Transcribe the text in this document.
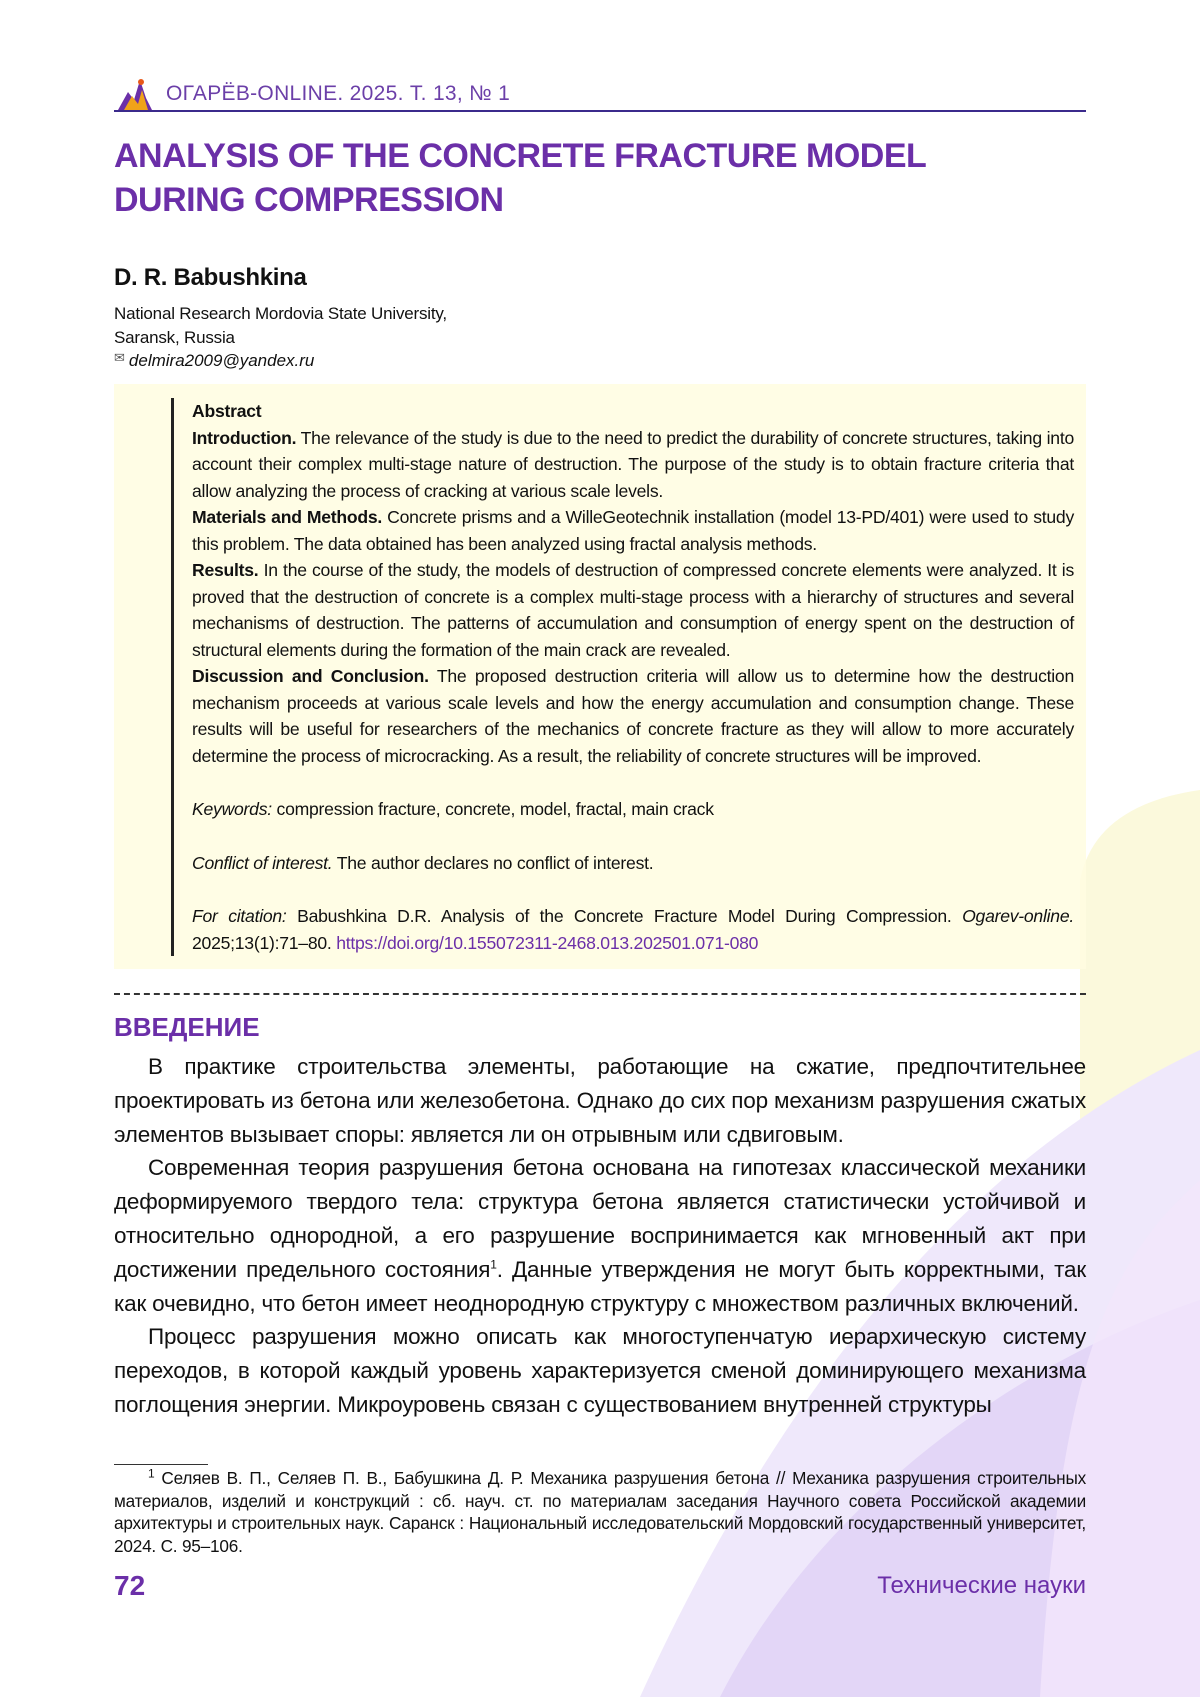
ОГАРЁВ-ONLINE. 2025. Т. 13, № 1
ANALYSIS OF THE CONCRETE FRACTURE MODEL
DURING COMPRESSION
D. R. Babushkina
National Research Mordovia State University,
Saransk, Russia
✉ delmira2009@yandex.ru

Abstract

Introduction. The relevance of the study is due to the need to predict the durability of concrete structures, taking into account their complex multi-stage nature of destruction. The purpose of the study is to obtain fracture criteria that allow analyzing the process of cracking at various scale levels.

Materials and Methods. Concrete prisms and a WilleGeotechnik installation (model 13-PD/401) were used to study this problem. The data obtained has been analyzed using fractal analysis methods.

Results. In the course of the study, the models of destruction of compressed concrete elements were analyzed. It is proved that the destruction of concrete is a complex multi-stage process with a hierarchy of structures and several mechanisms of destruction. The patterns of accumulation and consumption of energy spent on the destruction of structural elements during the formation of the main crack are revealed.

Discussion and Conclusion. The proposed destruction criteria will allow us to determine how the destruction mechanism proceeds at various scale levels and how the energy accumulation and consumption change. These results will be useful for researchers of the mechanics of concrete fracture as they will allow to more accurately determine the process of microcracking. As a result, the reliability of concrete structures will be improved.

Keywords: compression fracture, concrete, model, fractal, main crack

Conflict of interest. The author declares no conflict of interest.

For citation: Babushkina D.R. Analysis of the Concrete Fracture Model During Compression. Ogarev-online. 2025;13(1):71–80. https://doi.org/10.155072311-2468.013.202501.071-080

ВВЕДЕНИЕ

В практике строительства элементы, работающие на сжатие, предпочтительнее проектировать из бетона или железобетона. Однако до сих пор механизм разрушения сжатых элементов вызывает споры: является ли он отрывным или сдвиговым.

Современная теория разрушения бетона основана на гипотезах классической механики деформируемого твердого тела: структура бетона является статистически устойчивой и относительно однородной, а его разрушение воспринимается как мгновенный акт при достижении предельного состояния1. Данные утверждения не могут быть корректными, так как очевидно, что бетон имеет неоднородную структуру с множеством различных включений.

Процесс разрушения можно описать как многоступенчатую иерархическую систему переходов, в которой каждый уровень характеризуется сменой доминирующего механизма поглощения энергии. Микроуровень связан с существованием внутренней структуры

1 Селяев В. П., Селяев П. В., Бабушкина Д. Р. Механика разрушения бетона // Механика разрушения строительных материалов, изделий и конструкций : сб. науч. ст. по материалам заседания Научного совета Российской академии архитектуры и строительных наук. Саранск : Национальный исследовательский Мордовский государственный университет, 2024. С. 95–106.
72	Технические науки
